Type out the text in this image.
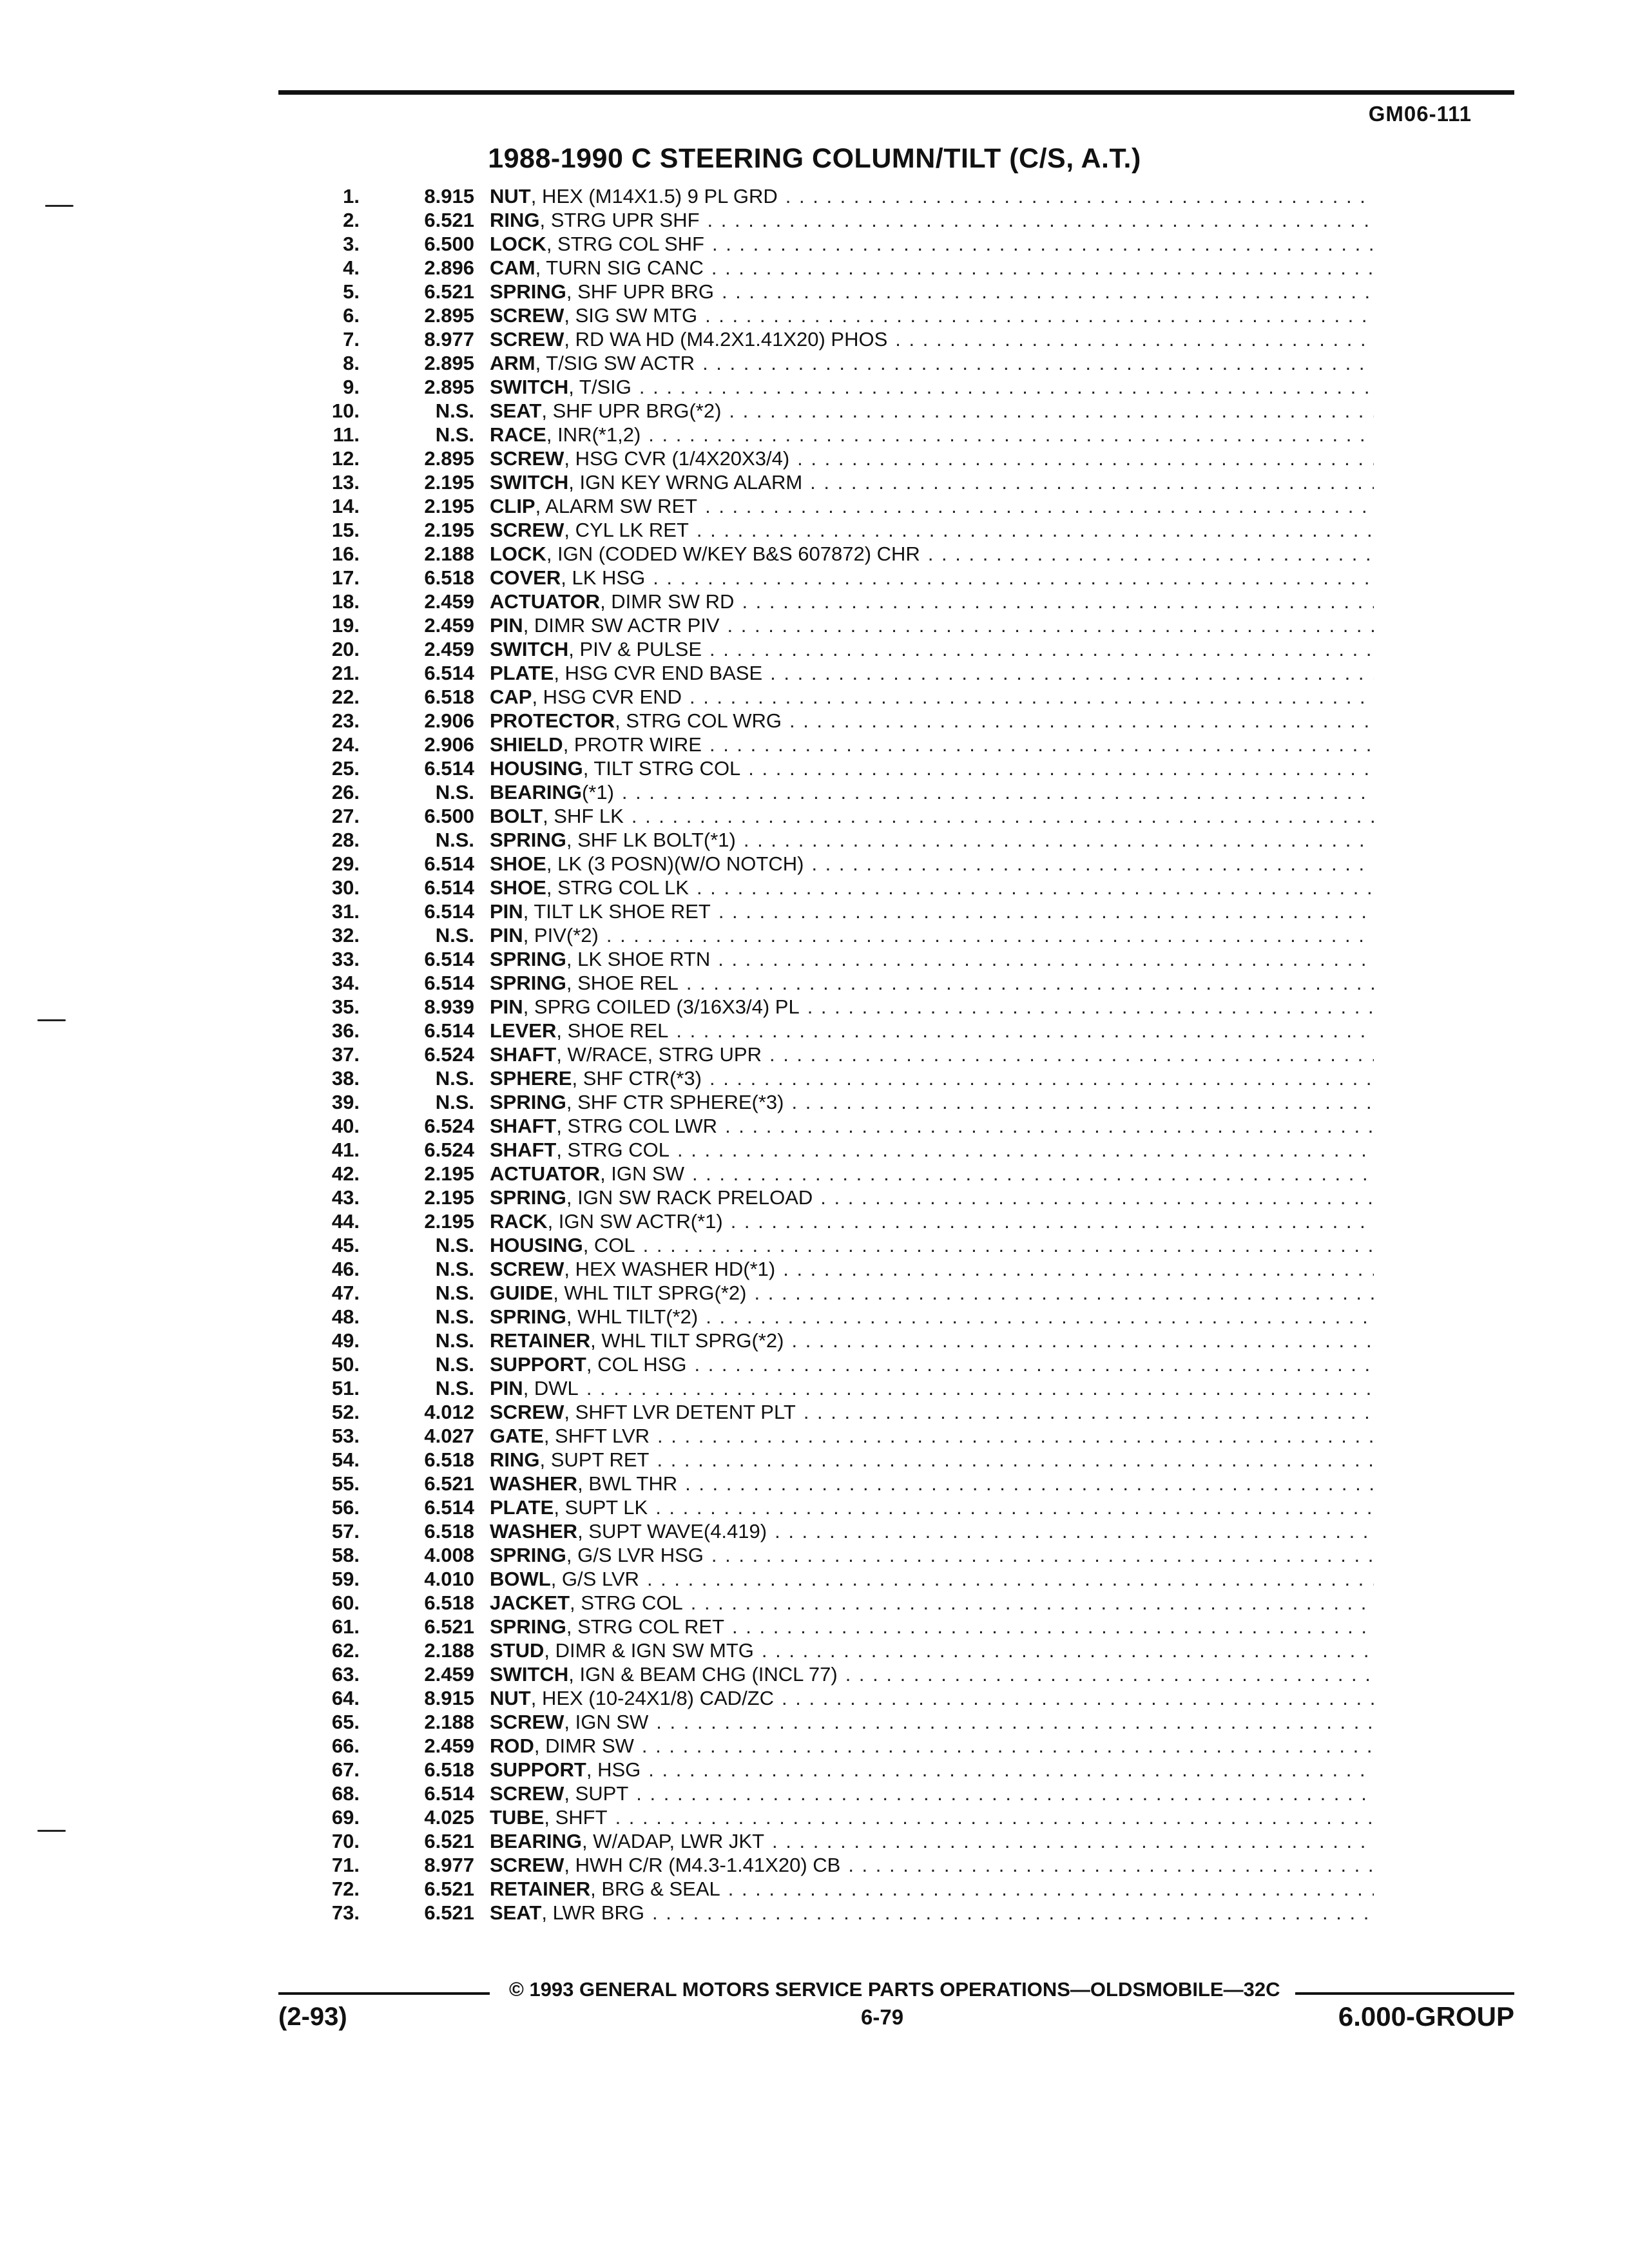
GM06-111
1988-1990 C STEERING COLUMN/TILT (C/S, A.T.)
1.	8.915 NUT , HEX (M14X1.5) 9 PL GRD
. . .
2.	6.521 RING , STRG UPR SHF
. . .
3.	6.500 LOCK , STRG COL SHF
. . .
4.	2.896 CAM , TURN SIG CANC
. . .
5.	6.521 SPRING , SHF UPR BRG
. . .
6.	2.895 SCREW , SIG SW MTG
. . .
7.	8.977 SCREW , RD WA HD (M4.2X1.41X20) PHOS
. . .
8.	2.895 ARM , T/SIG SW ACTR
. . .
9.	2.895 SWITCH , T/SIG
. . .
10.	N.S. SEAT , SHF UPR BRG(*2)
. . .
11.	N.S. RACE , INR(*1,2)
. . .
12.	2.895 SCREW , HSG CVR (1/4X20X3/4)
. . .
13.	2.195 SWITCH , IGN KEY WRNG ALARM
. . .
14.	2.195 CLIP , ALARM SW RET
. . .
15.	2.195 SCREW , CYL LK RET
. . .
16.	2.188 LOCK , IGN (CODED W/KEY B&S 607872) CHR
. . .
17.	6.518 COVER , LK HSG
. . .
18.	2.459 ACTUATOR , DIMR SW RD
. . .
19.	2.459 PIN , DIMR SW ACTR PIV
. . .
20.	2.459 SWITCH , PIV & PULSE
. . .
21.	6.514 PLATE , HSG CVR END BASE
. . .
22.	6.518 CAP , HSG CVR END
. . .
23.	2.906 PROTECTOR , STRG COL WRG
. . .
24.	2.906 SHIELD , PROTR WIRE
. . .
25.	6.514 HOUSING , TILT STRG COL
. . .
26.	N.S. BEARING (*1)
. . .
27.	6.500 BOLT , SHF LK
. . .
28.	N.S. SPRING , SHF LK BOLT(*1)
. . .
29.	6.514 SHOE , LK (3 POSN)(W/O NOTCH)
. . .
30.	6.514 SHOE , STRG COL LK
. . .
31.	6.514 PIN , TILT LK SHOE RET
. . .
32.	N.S. PIN , PIV(*2)
. . .
33.	6.514 SPRING , LK SHOE RTN
. . .
34.	6.514 SPRING , SHOE REL
. . .
35.	8.939 PIN , SPRG COILED (3/16X3/4) PL
. . .
36.	6.514 LEVER , SHOE REL
. . .
37.	6.524 SHAFT , W/RACE, STRG UPR
. . .
38.	N.S. SPHERE , SHF CTR(*3)
. . .
39.	N.S. SPRING , SHF CTR SPHERE(*3)
. . .
40.	6.524 SHAFT , STRG COL LWR
. . .
41.	6.524 SHAFT , STRG COL
. . .
42.	2.195 ACTUATOR , IGN SW
. . .
43.	2.195 SPRING , IGN SW RACK PRELOAD
. . .
44.	2.195 RACK , IGN SW ACTR(*1)
. . .
45.	N.S. HOUSING , COL
. . .
46.	N.S. SCREW , HEX WASHER HD(*1)
. . .
47.	N.S. GUIDE , WHL TILT SPRG(*2)
. . .
48.	N.S. SPRING , WHL TILT(*2)
. . .
49.	N.S. RETAINER , WHL TILT SPRG(*2)
. . .
50.	N.S. SUPPORT , COL HSG
. . .
51.	N.S. PIN , DWL
. . .
52.	4.012 SCREW , SHFT LVR DETENT PLT
. . .
53.	4.027 GATE , SHFT LVR
. . .
54.	6.518 RING , SUPT RET
. . .
55.	6.521 WASHER , BWL THR
. . .
56.	6.514 PLATE , SUPT LK
. . .
57.	6.518 WASHER , SUPT WAVE(4.419)
. . .
58.	4.008 SPRING , G/S LVR HSG
. . .
59.	4.010 BOWL , G/S LVR
. . .
60.	6.518 JACKET , STRG COL
. . .
61.	6.521 SPRING , STRG COL RET
. . .
62.	2.188 STUD , DIMR & IGN SW MTG
. . .
63.	2.459 SWITCH , IGN & BEAM CHG (INCL 77)
. . .
64.	8.915 NUT , HEX (10-24X1/8) CAD/ZC
. . .
65.	2.188 SCREW , IGN SW
. . .
66.	2.459 ROD , DIMR SW
. . .
67.	6.518 SUPPORT , HSG
. . .
68.	6.514 SCREW , SUPT
. . .
69.	4.025 TUBE , SHFT
. . .
70.	6.521 BEARING , W/ADAP, LWR JKT
. . .
71.	8.977 SCREW , HWH C/R (M4.3-1.41X20) CB
. . .
72.	6.521 RETAINER , BRG & SEAL
. . .
73.	6.521 SEAT , LWR BRG
. . .
© 1993 GENERAL MOTORS SERVICE PARTS OPERATIONS—OLDSMOBILE—32C
(2-93)	6-79	6.000-GROUP
